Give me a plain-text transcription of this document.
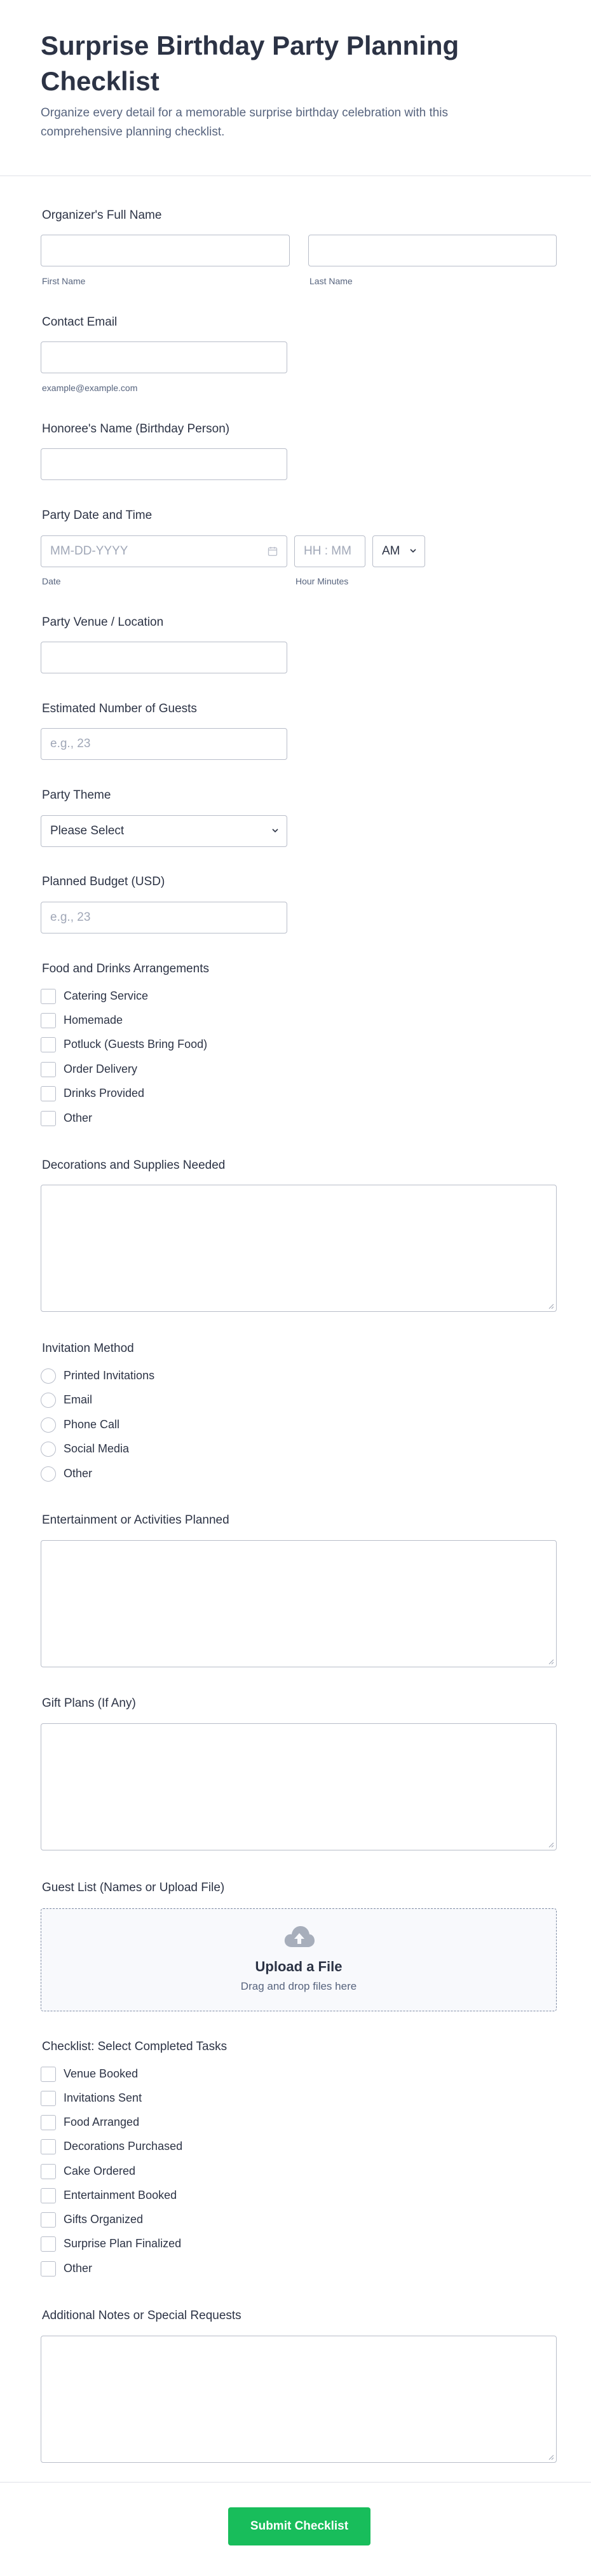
Surprise Birthday Party Planning Checklist
Organize every detail for a memorable surprise birthday celebration with this comprehensive planning checklist.
Organizer's Full Name
First Name	Last Name
Contact Email
example@example.com
Honoree's Name (Birthday Person)
Party Date and Time
MM-DD-YYYY	HH : MM	AM
Date	Hour Minutes
Party Venue / Location
Estimated Number of Guests
e.g., 23
Party Theme
Please Select
Planned Budget (USD)
e.g., 23
Food and Drinks Arrangements
Catering Service
Homemade
Potluck (Guests Bring Food)
Order Delivery
Drinks Provided
Other
Decorations and Supplies Needed
Invitation Method
Printed Invitations
Email
Phone Call
Social Media
Other
Entertainment or Activities Planned
Gift Plans (If Any)
Guest List (Names or Upload File)
Upload a File
Drag and drop files here
Checklist: Select Completed Tasks
Venue Booked
Invitations Sent
Food Arranged
Decorations Purchased
Cake Ordered
Entertainment Booked
Gifts Organized
Surprise Plan Finalized
Other
Additional Notes or Special Requests
Submit Checklist
